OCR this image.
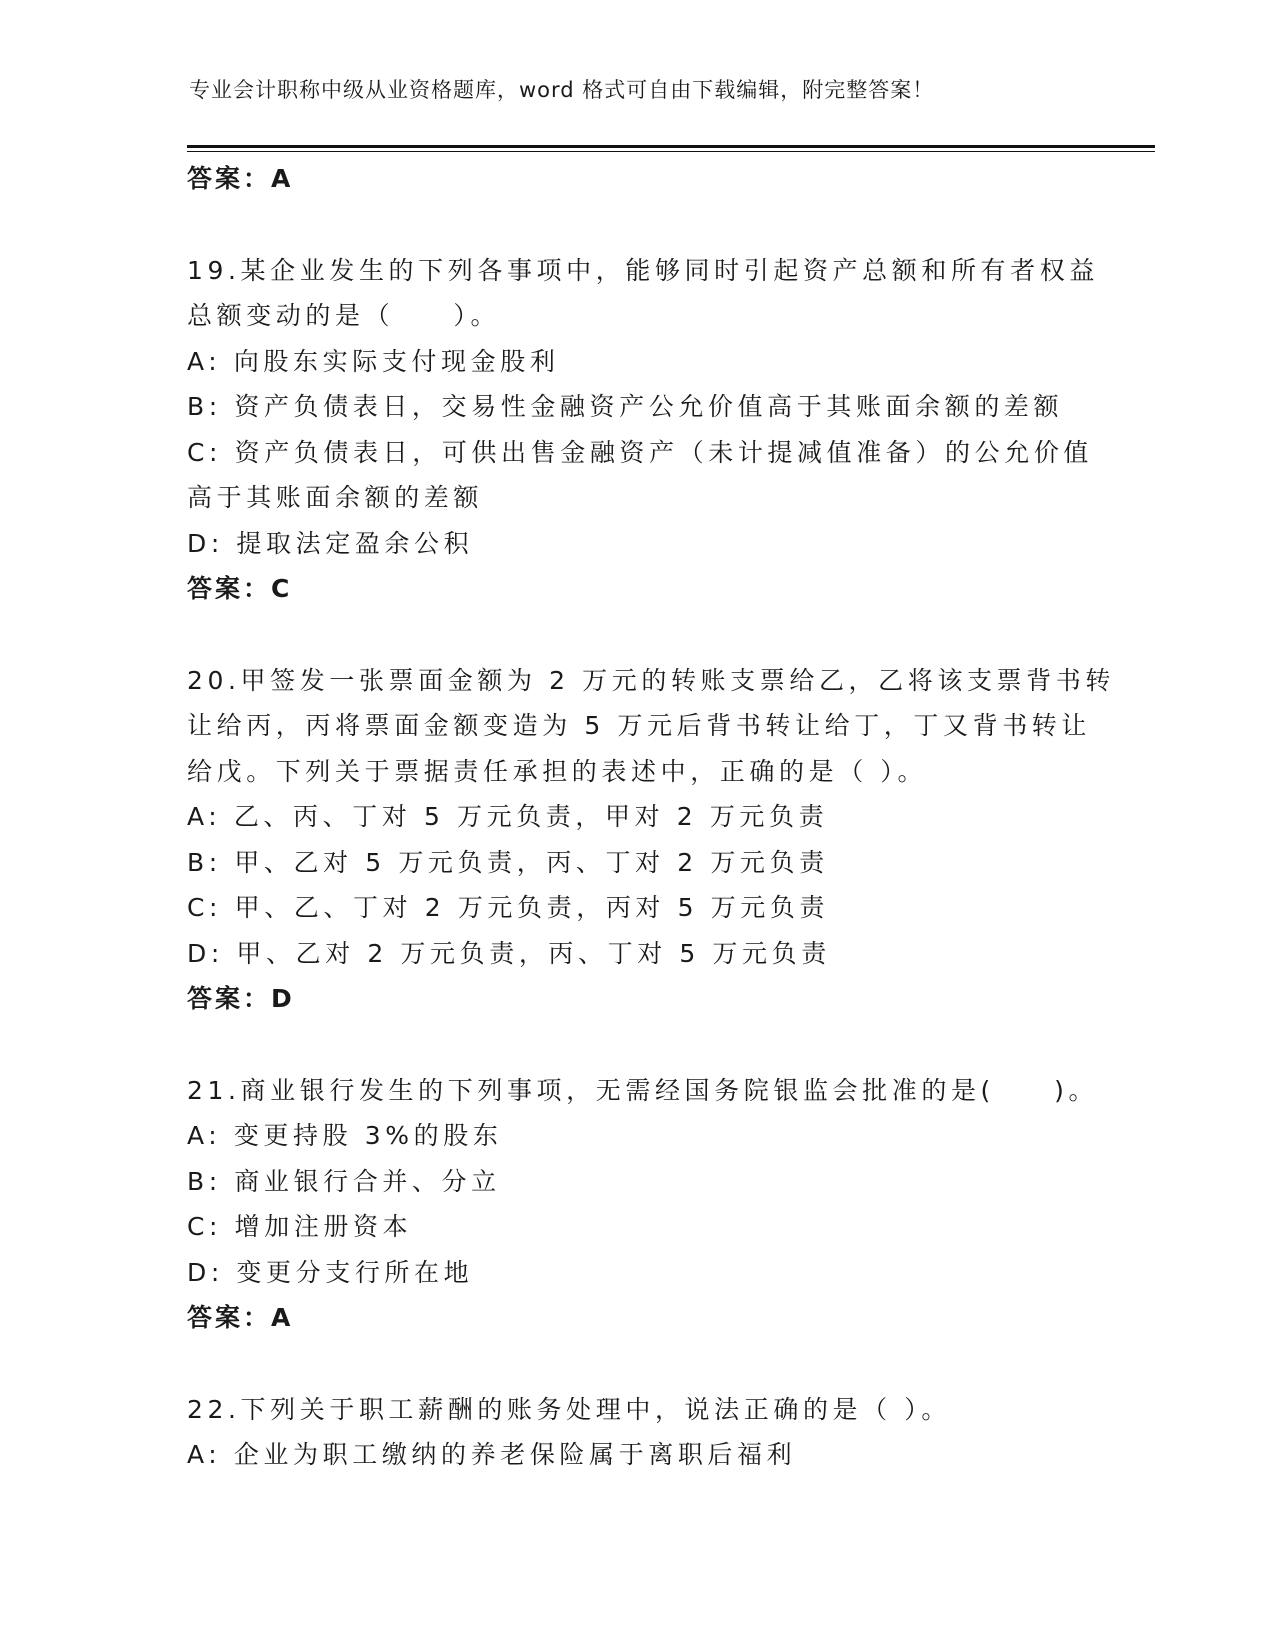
专业会计职称中级从业资格题库，word 格式可自由下载编辑，附完整答案！

答案：A

19.某企业发生的下列各事项中，能够同时引起资产总额和所有者权益

总额变动的是（　　）。

A: 向股东实际支付现金股利

B: 资产负债表日，交易性金融资产公允价值高于其账面余额的差额

C: 资产负债表日，可供出售金融资产（未计提减值准备）的公允价值

高于其账面余额的差额

D: 提取法定盈余公积

答案：C

20.甲签发一张票面金额为 2 万元的转账支票给乙，乙将该支票背书转

让给丙，丙将票面金额变造为 5 万元后背书转让给丁，丁又背书转让

给戊。下列关于票据责任承担的表述中，正确的是（ ）。

A: 乙、丙、丁对 5 万元负责，甲对 2 万元负责

B: 甲、乙对 5 万元负责，丙、丁对 2 万元负责

C: 甲、乙、丁对 2 万元负责，丙对 5 万元负责

D: 甲、乙对 2 万元负责，丙、丁对 5 万元负责

答案：D

21.商业银行发生的下列事项，无需经国务院银监会批准的是(　　)。

A: 变更持股 3%的股东

B: 商业银行合并、分立

C: 增加注册资本

D: 变更分支行所在地

答案：A

22.下列关于职工薪酬的账务处理中，说法正确的是（ ）。

A: 企业为职工缴纳的养老保险属于离职后福利
